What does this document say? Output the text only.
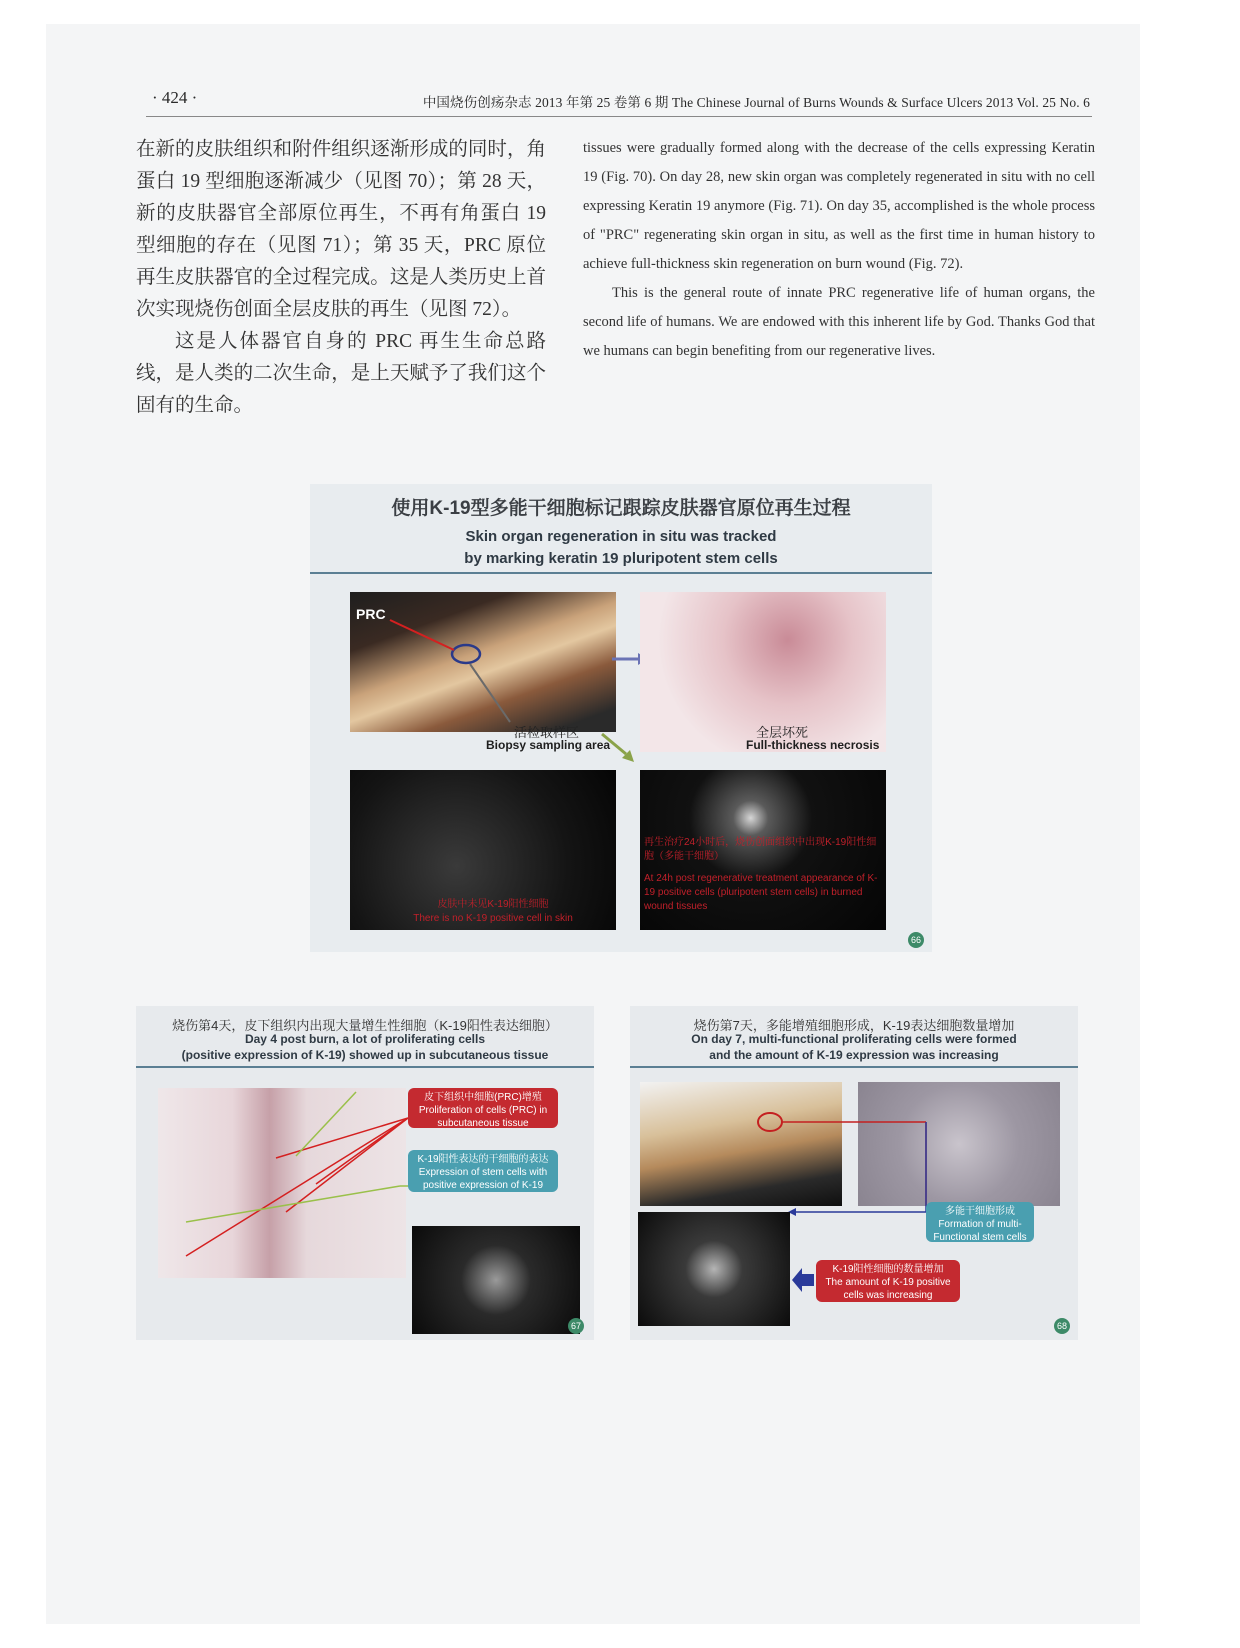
· 424 ·	中国烧伤创疡杂志 2013 年第 25 卷第 6 期 The Chinese Journal of Burns Wounds & Surface Ulcers 2013 Vol. 25 No. 6

在新的皮肤组织和附件组织逐渐形成的同时，角蛋白 19 型细胞逐渐减少（见图 70）；第 28 天，新的皮肤器官全部原位再生，不再有角蛋白 19 型细胞的存在（见图 71）；第 35 天，PRC 原位再生皮肤器官的全过程完成。这是人类历史上首次实现烧伤创面全层皮肤的再生（见图 72）。

这是人体器官自身的 PRC 再生生命总路线，是人类的二次生命，是上天赋予了我们这个固有的生命。

tissues were gradually formed along with the decrease of the cells expressing Keratin 19 (Fig. 70). On day 28, new skin organ was completely regenerated in situ with no cell expressing Keratin 19 anymore (Fig. 71). On day 35, accomplished is the whole process of "PRC" regenerating skin organ in situ, as well as the first time in human history to achieve full-thickness skin regeneration on burn wound (Fig. 72).

This is the general route of innate PRC regenerative life of human organs, the second life of humans. We are endowed with this inherent life by God. Thanks God that we humans can begin benefiting from our regenerative lives.

使用K-19型多能干细胞标记跟踪皮肤器官原位再生过程
Skin organ regeneration in situ was tracked
by marking keratin 19 pluripotent stem cells
PRC
活检取样区
Biopsy sampling area
全层坏死
Full-thickness necrosis
皮肤中未见K-19阳性细胞
There is no K-19 positive cell in skin
再生治疗24小时后，烧伤创面组织中出现K-19阳性细胞（多能干细胞）
At 24h post regenerative treatment appearance of K-19 positive cells (pluripotent stem cells) in burned wound tissues
66
烧伤第4天，皮下组织内出现大量增生性细胞（K-19阳性表达细胞）
Day 4 post burn, a lot of proliferating cells
(positive expression of K-19) showed up in subcutaneous tissue
皮下组织中细胞(PRC)增殖
Proliferation of cells (PRC) in subcutaneous tissue
K-19阳性表达的干细胞的表达
Expression of stem cells with positive expression of K-19
67
烧伤第7天，多能增殖细胞形成，K-19表达细胞数量增加
On day 7, multi-functional proliferating cells were formed
and the amount of K-19 expression was increasing
多能干细胞形成
Formation of multi-Functional stem cells
K-19阳性细胞的数量增加
The amount of K-19 positive cells was increasing
68
